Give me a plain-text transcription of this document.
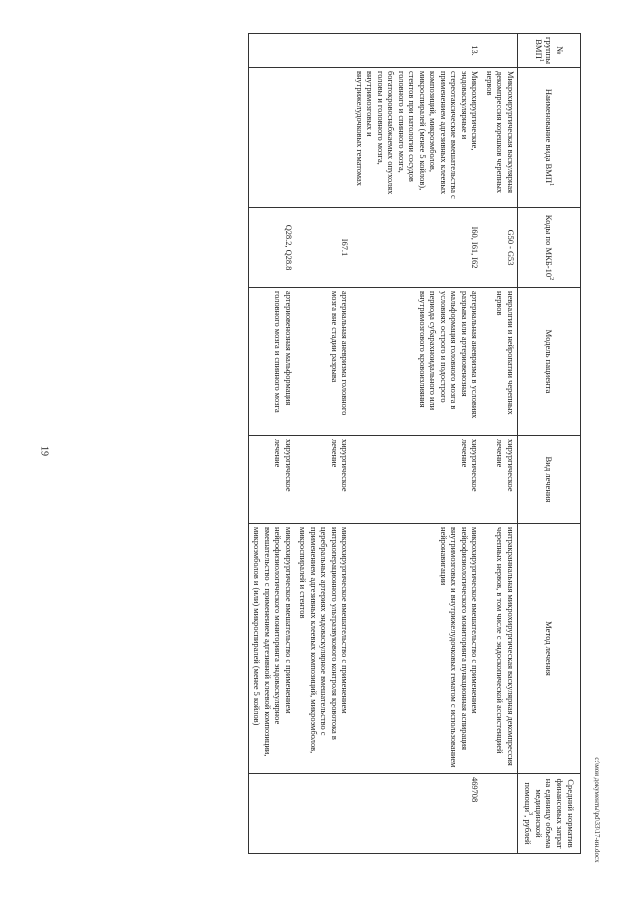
19
№ группы ВМП$^1$	Наименование вида ВМП$^1$	Коды по МКБ-$10^2$	Модель пациента	Вид лечения	Метод лечения	Средний норматив финансовых затрат на единицу объема медицинской помощи$^3$, рублей
	Микрохирургическая васкулярная декомпрессия корешков черепных нервов	G50 - G53	невралгии и нейропатии черепных нервов	хирургическое лечение	интракраниальная микрохирургическая васкулярная декомпрессия черепных нервов, в том числе с эндоскопической ассистенцией	
13.	Микрохирургические, эндоваскулярные и стереотаксические вмешательства с применением адгезивных клеевых композиций, микроэмболов, микроспиралей (менее 5 койлов), стентов при патологии сосудов головного и спинного мозга, богатокровоснабжаемых опухолях головы и головного мозга, внутримозговых и внутрижелудочковых гематомах	I60, I61, I62	артериальная аневризма в условиях разрыва или артериовенозная мальформация головного мозга в условиях острого и подострого периода субарахноидального или внутримозгового кровоизлияния	хирургическое лечение	микрохирургическое вмешательство с применением нейрофизиологического мониторинга пункционная аспирация внутримозговых и внутрижелудочковых гематом с использованием нейронавигации	469708
		I67.1	артериальная аневризма головного мозга вне стадии разрыва	хирургическое лечение	микрохирургическое вмешательство с применением интраоперационного ультразвукового контроля кровотока в церебральных артериях эндоваскулярное вмешательство с применением адгезивных клеевых композиций, микроэмболов, микроспиралей и стентов	
		Q28.2, Q28.8	артериовенозная мальформация головного мозга и спинного мозга	хирургическое лечение	микрохирургическое вмешательство с применением нейрофизиологического мониторинга эндоваскулярное вмешательство с применением адгезивной клеевой композиции, микроэмболов и (или) микроспиралей (менее 5 койлов)	
c:\мои документы\pd\33\17-ин.docx
